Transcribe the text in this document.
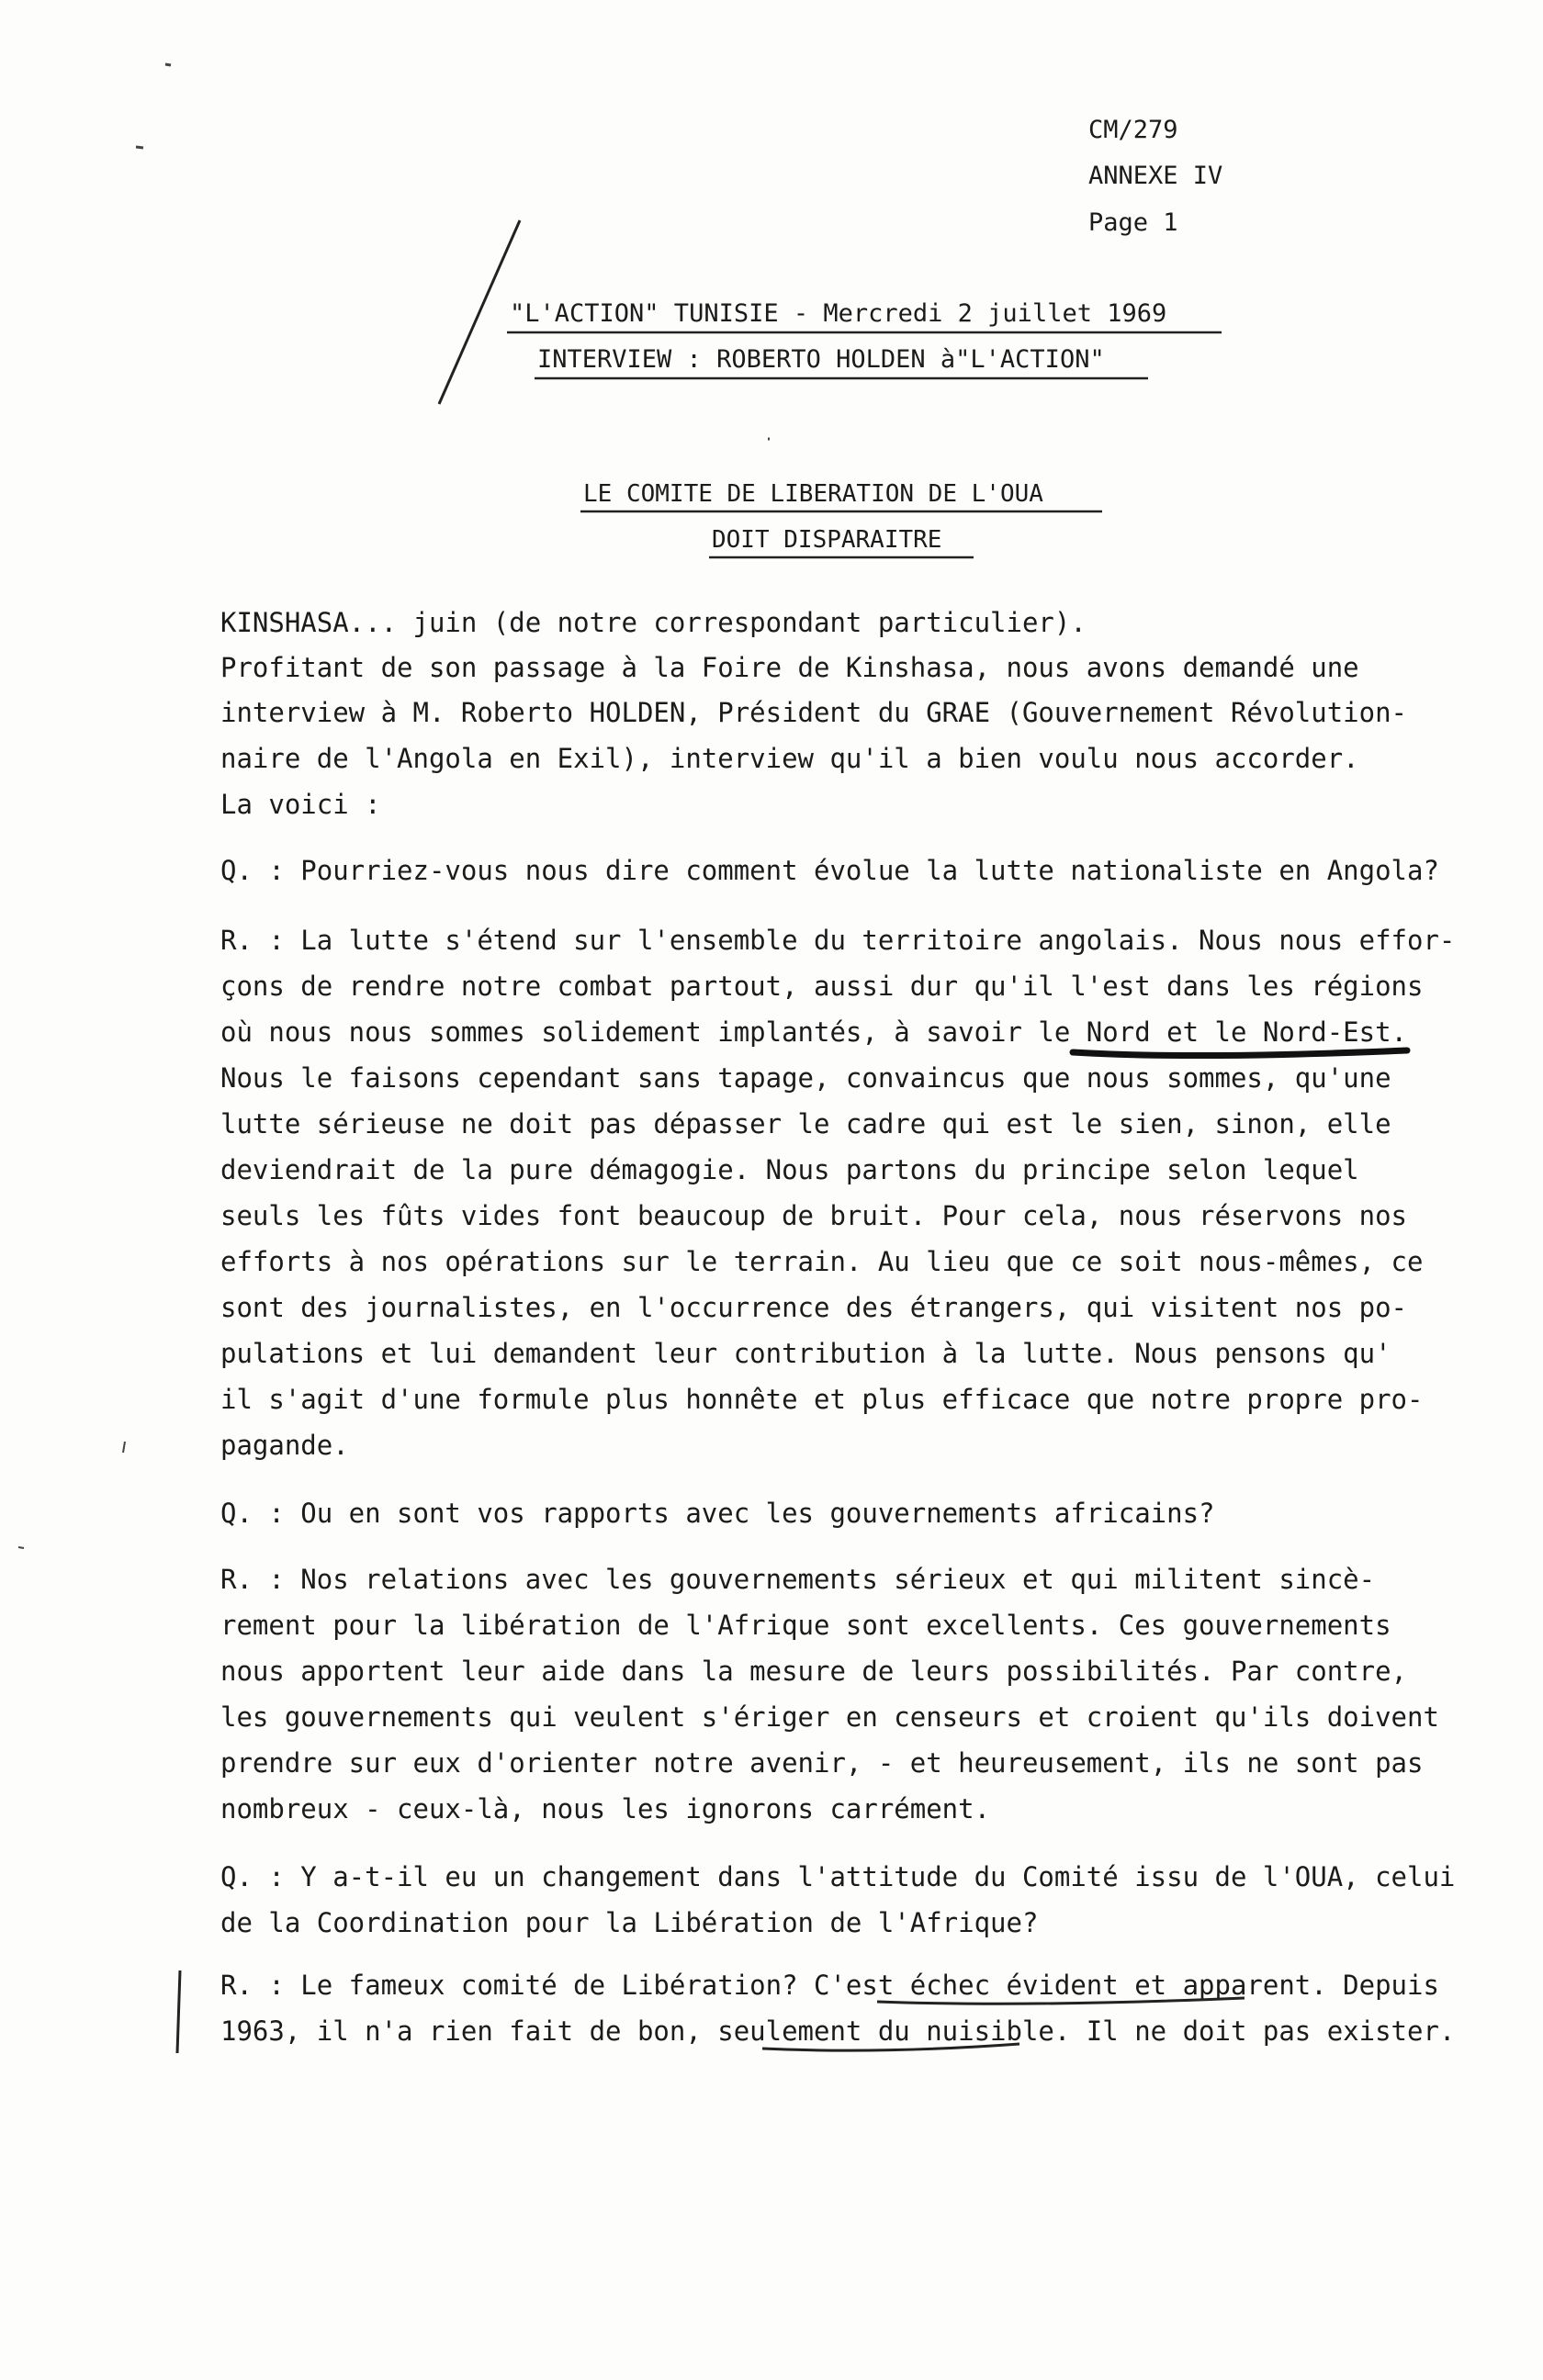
CM/279
ANNEXE IV
Page 1
"L'ACTION" TUNISIE - Mercredi 2 juillet 1969
INTERVIEW : ROBERTO HOLDEN à"L'ACTION"
LE COMITE DE LIBERATION DE L'OUA
DOIT DISPARAITRE
KINSHASA... juin (de notre correspondant particulier).
Profitant de son passage à la Foire de Kinshasa, nous avons demandé une
interview à M. Roberto HOLDEN, Président du GRAE (Gouvernement Révolution-
naire de l'Angola en Exil), interview qu'il a bien voulu nous accorder.
La voici :
Q. : Pourriez-vous nous dire comment évolue la lutte nationaliste en Angola?
R. : La lutte s'étend sur l'ensemble du territoire angolais. Nous nous effor-
çons de rendre notre combat partout, aussi dur qu'il l'est dans les régions
où nous nous sommes solidement implantés, à savoir le Nord et le Nord-Est.
Nous le faisons cependant sans tapage, convaincus que nous sommes, qu'une
lutte sérieuse ne doit pas dépasser le cadre qui est le sien, sinon, elle
deviendrait de la pure démagogie. Nous partons du principe selon lequel
seuls les fûts vides font beaucoup de bruit. Pour cela, nous réservons nos
efforts à nos opérations sur le terrain. Au lieu que ce soit nous-mêmes, ce
sont des journalistes, en l'occurrence des étrangers, qui visitent nos po-
pulations et lui demandent leur contribution à la lutte. Nous pensons qu'
il s'agit d'une formule plus honnête et plus efficace que notre propre pro-
pagande.
Q. : Ou en sont vos rapports avec les gouvernements africains?
R. : Nos relations avec les gouvernements sérieux et qui militent sincè-
rement pour la libération de l'Afrique sont excellents. Ces gouvernements
nous apportent leur aide dans la mesure de leurs possibilités. Par contre,
les gouvernements qui veulent s'ériger en censeurs et croient qu'ils doivent
prendre sur eux d'orienter notre avenir, - et heureusement, ils ne sont pas
nombreux - ceux-là, nous les ignorons carrément.
Q. : Y a-t-il eu un changement dans l'attitude du Comité issu de l'OUA, celui
de la Coordination pour la Libération de l'Afrique?
R. : Le fameux comité de Libération? C'est échec évident et apparent. Depuis
1963, il n'a rien fait de bon, seulement du nuisible. Il ne doit pas exister.
